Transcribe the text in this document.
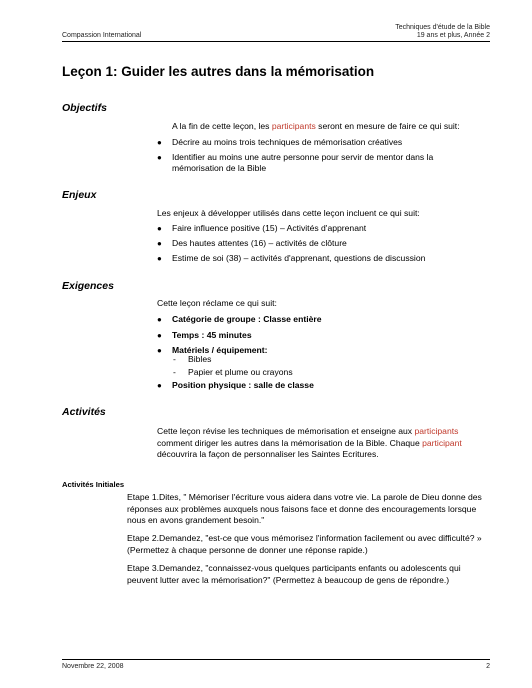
Compassion International
Techniques d'étude de la Bible
19 ans et plus, Année 2
Leçon 1: Guider les autres dans la mémorisation
Objectifs
A la fin de cette leçon, les participants seront en mesure de faire ce qui suit:
● Décrire au moins trois techniques de mémorisation créatives
● Identifier au moins une autre personne pour servir de mentor dans la mémorisation de la Bible
Enjeux
Les enjeux à développer utilisés dans cette leçon incluent ce qui suit:
● Faire influence positive (15) – Activités d'apprenant
● Des hautes attentes (16) – activités de clôture
● Estime de soi (38) – activités d'apprenant, questions de discussion
Exigences
Cette leçon réclame ce qui suit:
● Catégorie de groupe : Classe entière
● Temps : 45 minutes
● Matériels / équipement:
- Bibles
- Papier et plume ou crayons
● Position physique : salle de classe
Activités
Cette leçon révise les techniques de mémorisation et enseigne aux participants
comment diriger les autres dans la mémorisation de la Bible. Chaque participant
découvrira la façon de personnaliser les Saintes Ecritures.
Activités Initiales
Etape 1.Dites, " Mémoriser l'écriture vous aidera dans votre vie. La parole de Dieu donne des réponses aux problèmes auxquels nous faisons face et donne des encouragements lorsque nous en avons grandement besoin."
Etape 2.Demandez, "est-ce que vous mémorisez l'information facilement ou avec difficulté? » (Permettez à chaque personne de donner une réponse rapide.)
Etape 3.Demandez, "connaissez-vous quelques participants enfants ou adolescents qui peuvent lutter avec la mémorisation?" (Permettez à beaucoup de gens de répondre.)
Novembre 22, 2008	2
